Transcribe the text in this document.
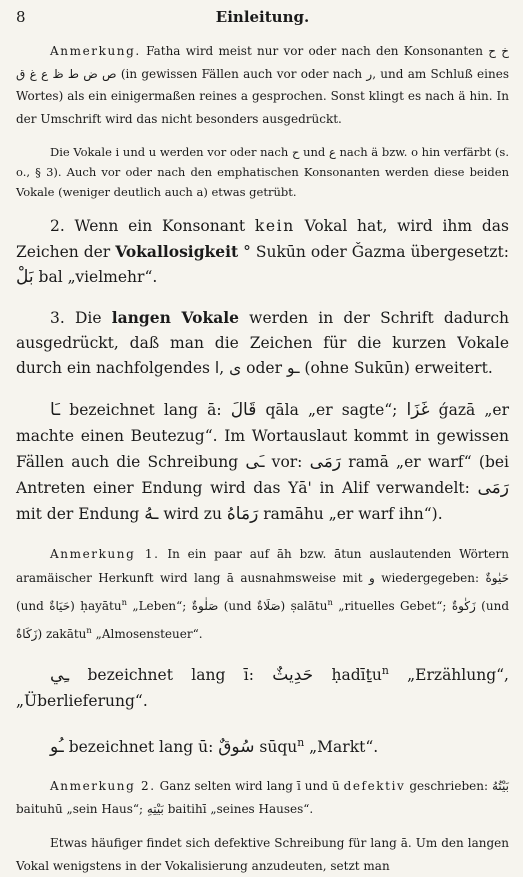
8	Einleitung.

Anmerkung. Fatha wird meist nur vor oder nach den Konsonanten خ ح ص ض ط ظ ع غ ق (in gewissen Fällen auch vor oder nach ر, und am Schluß eines Wortes) als ein einigermaßen reines a gesprochen. Sonst klingt es nach ä hin. In der Umschrift wird das nicht besonders ausgedrückt.

Die Vokale i und u werden vor oder nach ح und ع nach ä bzw. o hin verfärbt (s. o., § 3). Auch vor oder nach den emphatischen Konsonanten werden diese beiden Vokale (weniger deutlich auch a) etwas getrübt.

2. Wenn ein Konsonant kein Vokal hat, wird ihm das Zeichen der Vokallosigkeit ° Sukūn oder Ǧazma übergesetzt: بَلْ bal „vielmehr“.

3. Die langen Vokale werden in der Schrift dadurch ausgedrückt, daß man die Zeichen für die kurzen Vokale durch ein nachfolgendes ا, ى oder ـو (ohne Sukūn) erweitert.

ـَا bezeichnet lang ā: قَالَ qāla „er sagte“; غَزَا ǵazā „er machte einen Beutezug“. Im Wortauslaut kommt in gewissen Fällen auch die Schreibung ـَى vor: رَمَى ramā „er warf“ (bei Antreten einer Endung wird das Yā' in Alif verwandelt: رَمَى mit der Endung ـهُ wird zu رَمَاهُ ramāhu „er warf ihn“).

Anmerkung 1. In ein paar auf āh bzw. ātun auslautenden Wörtern aramäischer Herkunft wird lang ā ausnahmsweise mit و wiedergegeben: حَيٰوةٌ (und حَيَاةٌ) ḥayātu$^n$ „Leben“; صَلٰوةٌ (und صَلَاةٌ) ṣalātu$^n$ „rituelles Gebet“; زَكٰوةٌ (und زَكَاةٌ) zakātu$^n$ „Almosensteuer“.

ـِي bezeichnet lang ī: حَدِيثٌ ḥadīṯu$^n$ „Erzählung“, „Überlieferung“.

ـُو bezeichnet lang ū: سُوقٌ sūqu$^n$ „Markt“.

Anmerkung 2. Ganz selten wird lang ī und ū defektiv geschrieben: بَيْتُهُ baituhū „sein Haus“; بَيْتِهِ baitihī „seines Hauses“.

Etwas häufiger findet sich defektive Schreibung für lang ā. Um den langen Vokal wenigstens in der Vokalisierung anzudeuten, setzt man
